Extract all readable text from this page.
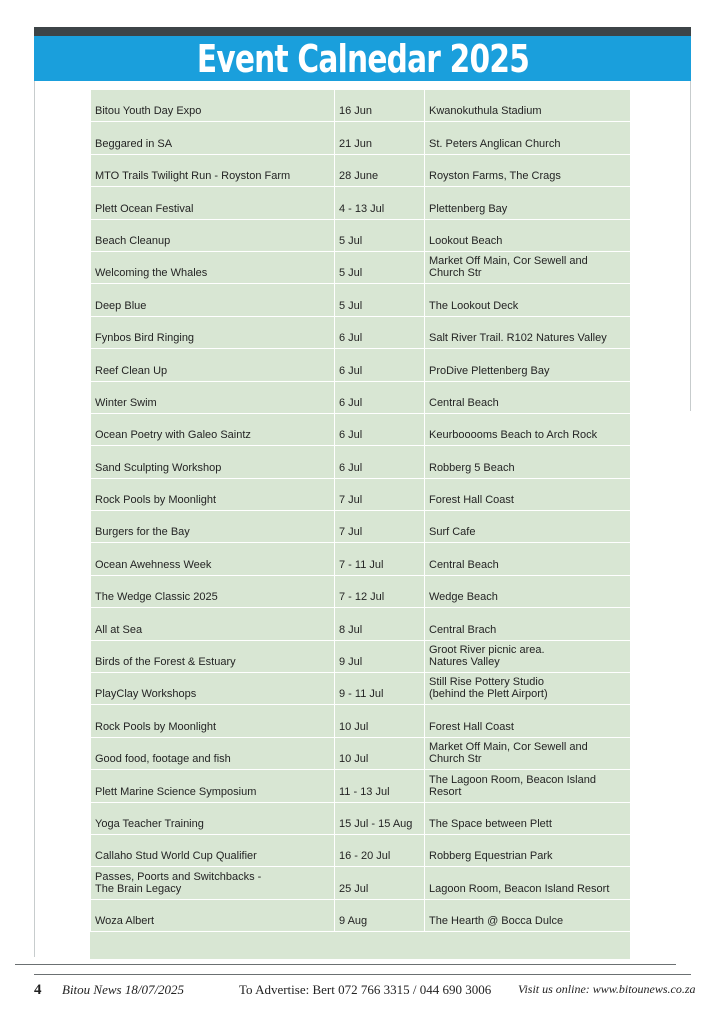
Event Calnedar 2025
Bitou Youth Day Expo	16 Jun	Kwanokuthula Stadium
Beggared in SA	21 Jun	St. Peters Anglican Church
MTO Trails Twilight Run - Royston Farm	28 June	Royston Farms, The Crags
Plett Ocean Festival	4 - 13 Jul	Plettenberg Bay
Beach Cleanup	5 Jul	Lookout Beach
Welcoming the Whales	5 Jul	Market Off Main, Cor Sewell and Church Str
Deep Blue	5 Jul	The Lookout Deck
Fynbos Bird Ringing	6 Jul	Salt River Trail. R102 Natures Valley
Reef Clean Up	6 Jul	ProDive Plettenberg Bay
Winter Swim	6 Jul	Central Beach
Ocean Poetry with Galeo Saintz	6 Jul	Keurbooooms Beach to Arch Rock
Sand Sculpting Workshop	6 Jul	Robberg 5 Beach
Rock Pools by Moonlight	7 Jul	Forest Hall Coast
Burgers for the Bay	7 Jul	Surf Cafe
Ocean Awehness Week	7 - 11 Jul	Central Beach
The Wedge Classic 2025	7 - 12 Jul	Wedge Beach
All at Sea	8 Jul	Central Brach
Birds of the Forest & Estuary	9 Jul	Groot River picnic area.
Natures Valley
PlayClay Workshops	9 - 11 Jul	Still Rise Pottery Studio
(behind the Plett Airport)
Rock Pools by Moonlight	10 Jul	Forest Hall Coast
Good food, footage and fish	10 Jul	Market Off Main, Cor Sewell and Church Str
Plett Marine Science Symposium	11 - 13 Jul	The Lagoon Room, Beacon Island Resort
Yoga Teacher Training	15 Jul - 15 Aug	The Space between Plett
Callaho Stud World Cup Qualifier	16 - 20 Jul	Robberg Equestrian Park
Passes, Poorts and Switchbacks -
The Brain Legacy	25 Jul	Lagoon Room, Beacon Island Resort
Woza Albert	9 Aug	The Hearth @ Bocca Dulce
4 Bitou News 18/07/2025	To Advertise: Bert 072 766 3315 / 044 690 3006 Visit us online: www.bitounews.co.za
